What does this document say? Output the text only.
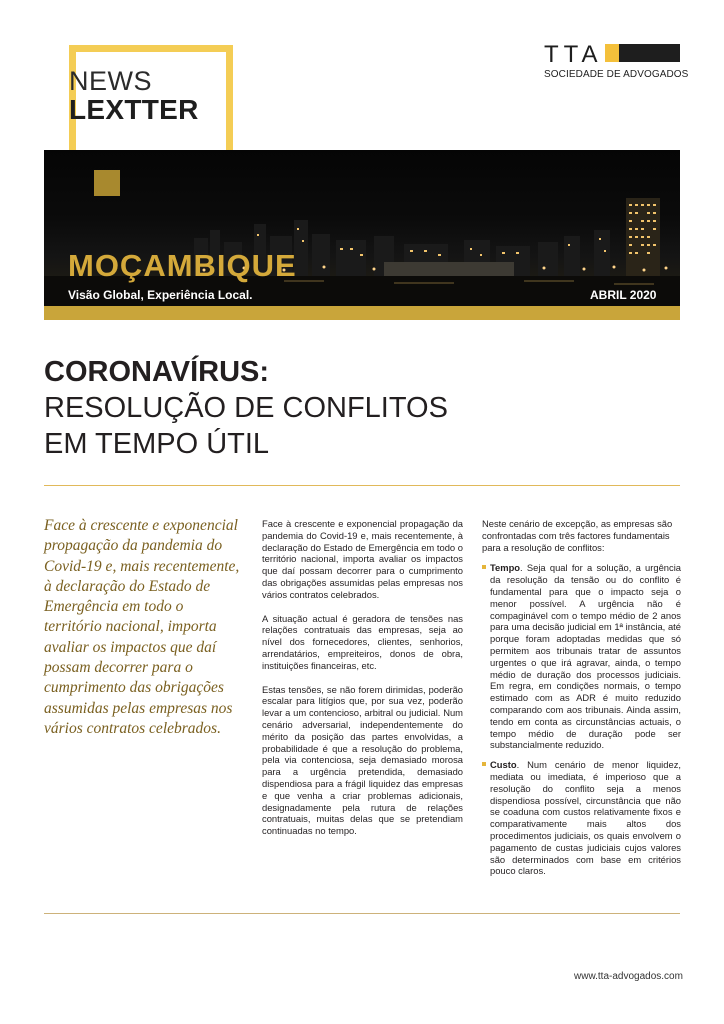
NEWS
LEXTTER
TTA
SOCIEDADE DE ADVOGADOS
MOÇAMBIQUE
Visão Global, Experiência Local.	ABRIL 2020
CORONAVÍRUS:
RESOLUÇÃO DE CONFLITOS
EM TEMPO ÚTIL
Face à crescente e exponencial propagação da pandemia do Covid-19 e, mais recentemente, à declaração do Estado de Emergência em todo o território nacional, importa avaliar os impactos que daí possam decorrer para o cumprimento das obrigações assumidas pelas empresas nos vários contratos celebrados.

Face à crescente e exponencial propagação da pandemia do Covid-19 e, mais recentemente, à declaração do Estado de Emergência em todo o território nacional, importa avaliar os impactos que daí possam decorrer para o cumprimento das obrigações assumidas pelas empresas nos vários contratos celebrados.

A situação actual é geradora de tensões nas relações contratuais das empresas, seja ao nível dos fornecedores, clientes, senhorios, arrendatários, empreiteiros, donos de obra, instituições financeiras, etc.

Estas tensões, se não forem dirimidas, poderão escalar para litígios que, por sua vez, poderão levar a um contencioso, arbitral ou judicial. Num cenário adversarial, independentemente do mérito da posição das partes envolvidas, a probabilidade é que a resolução do problema, pela via contenciosa, seja demasiado morosa para a urgência pretendida, demasiado dispendiosa para a frágil liquidez das empresas e que venha a criar problemas adicionais, designadamente pela rutura de relações contratuais, muitas delas que se pretendiam continuadas no tempo.

Neste cenário de excepção, as empresas são confrontadas com três factores fundamentais para a resolução de conflitos:

Tempo. Seja qual for a solução, a urgência da resolução da tensão ou do conflito é fundamental para que o impacto seja o menor possível. A urgência não é compaginável com o tempo médio de 2 anos para uma decisão judicial em 1ª instância, até porque foram adoptadas medidas que só permitem aos tribunais tratar de assuntos urgentes o que irá agravar, ainda, o tempo médio de duração dos processos judiciais. Em regra, em condições normais, o tempo estimado com as ADR é muito reduzido comparando com aos tribunais. Ainda assim, tendo em conta as circunstâncias actuais, o tempo médio de duração pode ser substancialmente reduzido.
Custo. Num cenário de menor liquidez, mediata ou imediata, é imperioso que a resolução do conflito seja a menos dispendiosa possível, circunstância que não se coaduna com custos relativamente fixos e comparativamente mais altos dos procedimentos judiciais, os quais envolvem o pagamento de custas judiciais cujos valores são determinados com base em critérios pouco claros.
www.tta-advogados.com
